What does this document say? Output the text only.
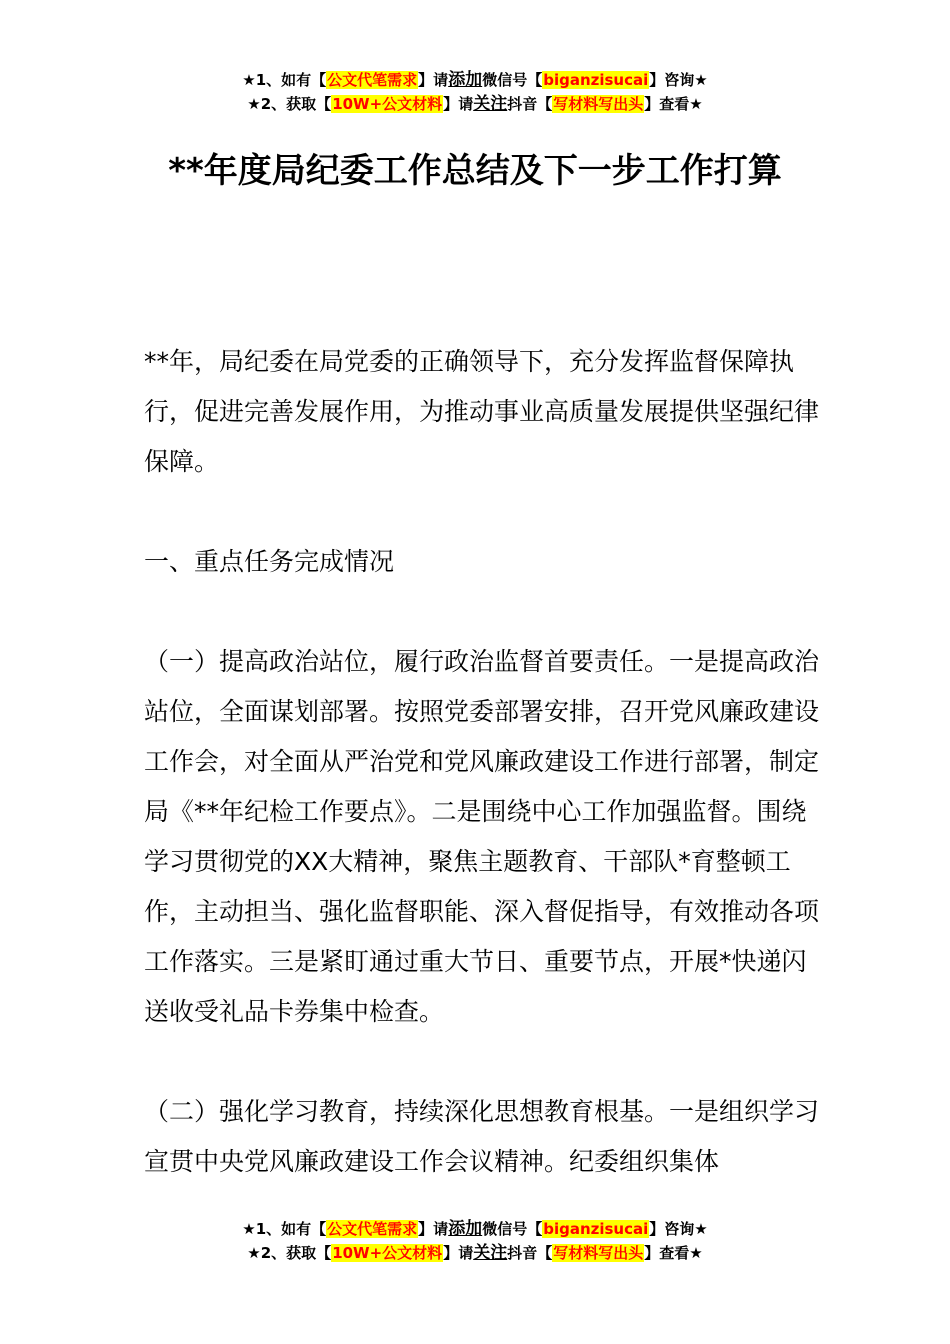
★1、如有【公文代笔需求】请添加微信号【biganzisucai】咨询★
★2、获取【10W+公文材料】请关注抖音【写材料写出头】查看★
**年度局纪委工作总结及下一步工作打算

**年，局纪委在局党委的正确领导下，充分发挥监督保障执行，促进完善发展作用，为推动事业高质量发展提供坚强纪律保障。

一、重点任务完成情况

（一）提高政治站位，履行政治监督首要责任。一是提高政治站位，全面谋划部署。按照党委部署安排，召开党风廉政建设工作会，对全面从严治党和党风廉政建设工作进行部署，制定局《**年纪检工作要点》。二是围绕中心工作加强监督。围绕学习贯彻党的XX大精神，聚焦主题教育、干部队*育整顿工作，主动担当、强化监督职能、深入督促指导，有效推动各项工作落实。三是紧盯通过重大节日、重要节点，开展*快递闪送收受礼品卡券集中检查。

（二）强化学习教育，持续深化思想教育根基。一是组织学习宣贯中央党风廉政建设工作会议精神。纪委组织集体

★1、如有【公文代笔需求】请添加微信号【biganzisucai】咨询★
★2、获取【10W+公文材料】请关注抖音【写材料写出头】查看★
